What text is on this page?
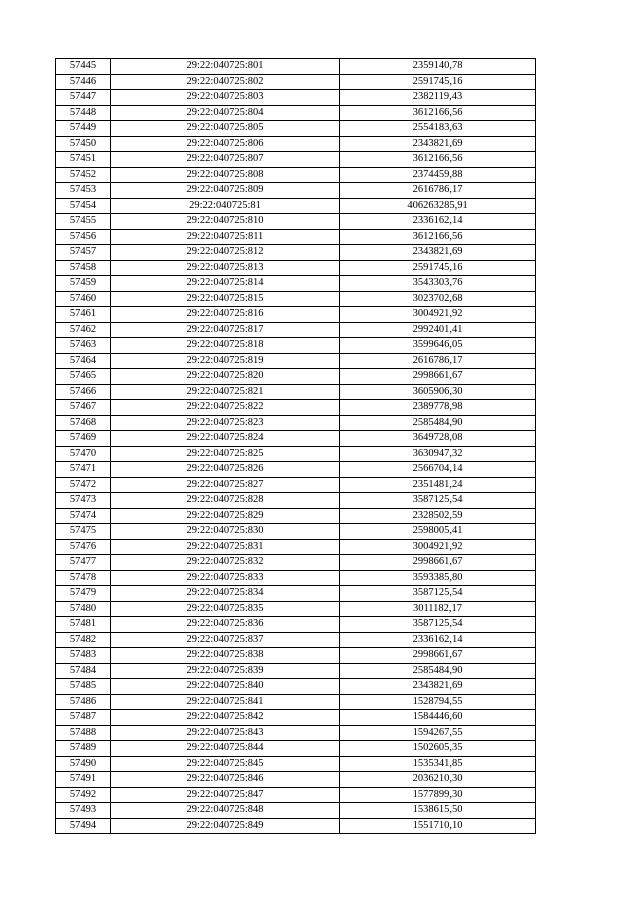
57445	29:22:040725:801	2359140,78
57446	29:22:040725:802	2591745,16
57447	29:22:040725:803	2382119,43
57448	29:22:040725:804	3612166,56
57449	29:22:040725:805	2554183,63
57450	29:22:040725:806	2343821,69
57451	29:22:040725:807	3612166,56
57452	29:22:040725:808	2374459,88
57453	29:22:040725:809	2616786,17
57454	29:22:040725:81	406263285,91
57455	29:22:040725:810	2336162,14
57456	29:22:040725:811	3612166,56
57457	29:22:040725:812	2343821,69
57458	29:22:040725:813	2591745,16
57459	29:22:040725:814	3543303,76
57460	29:22:040725:815	3023702,68
57461	29:22:040725:816	3004921,92
57462	29:22:040725:817	2992401,41
57463	29:22:040725:818	3599646,05
57464	29:22:040725:819	2616786,17
57465	29:22:040725:820	2998661,67
57466	29:22:040725:821	3605906,30
57467	29:22:040725:822	2389778,98
57468	29:22:040725:823	2585484,90
57469	29:22:040725:824	3649728,08
57470	29:22:040725:825	3630947,32
57471	29:22:040725:826	2566704,14
57472	29:22:040725:827	2351481,24
57473	29:22:040725:828	3587125,54
57474	29:22:040725:829	2328502,59
57475	29:22:040725:830	2598005,41
57476	29:22:040725:831	3004921,92
57477	29:22:040725:832	2998661,67
57478	29:22:040725:833	3593385,80
57479	29:22:040725:834	3587125,54
57480	29:22:040725:835	3011182,17
57481	29:22:040725:836	3587125,54
57482	29:22:040725:837	2336162,14
57483	29:22:040725:838	2998661,67
57484	29:22:040725:839	2585484,90
57485	29:22:040725:840	2343821,69
57486	29:22:040725:841	1528794,55
57487	29:22:040725:842	1584446,60
57488	29:22:040725:843	1594267,55
57489	29:22:040725:844	1502605,35
57490	29:22:040725:845	1535341,85
57491	29:22:040725:846	2036210,30
57492	29:22:040725:847	1577899,30
57493	29:22:040725:848	1538615,50
57494	29:22:040725:849	1551710,10
